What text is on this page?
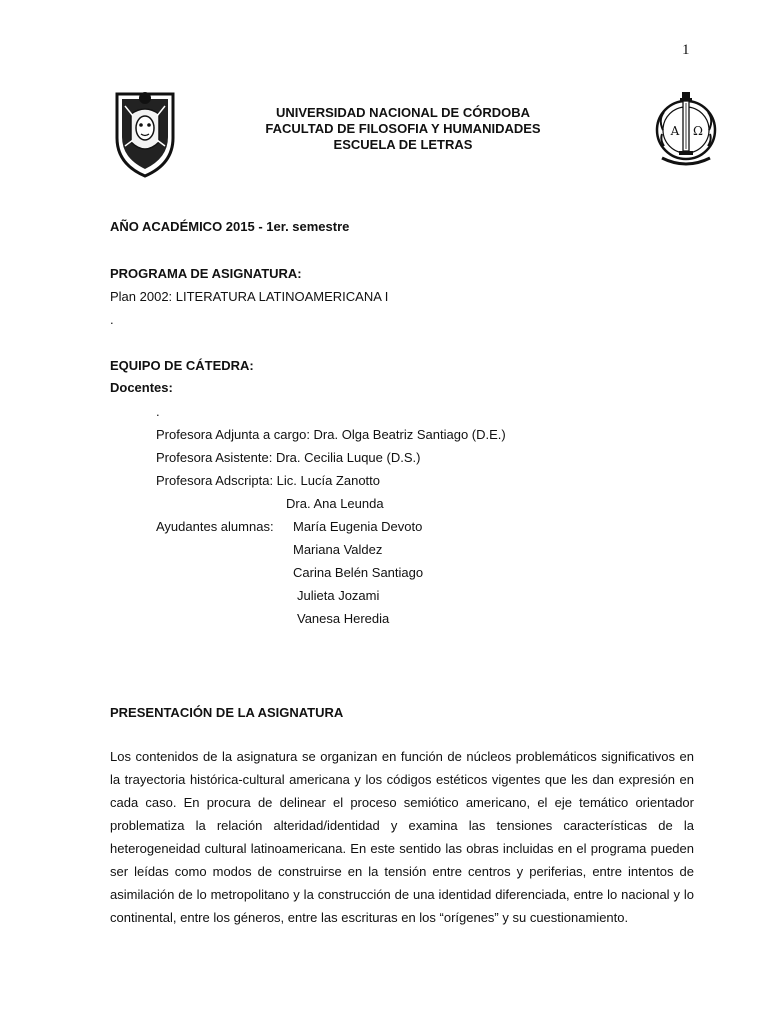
1
Α Ω
UNIVERSIDAD NACIONAL DE CÓRDOBA
FACULTAD DE FILOSOFIA Y HUMANIDADES
ESCUELA DE LETRAS
AÑO ACADÉMICO 2015 - 1er. semestre
PROGRAMA DE ASIGNATURA:
Plan 2002: LITERATURA LATINOAMERICANA I
.
EQUIPO DE CÁTEDRA:
Docentes:
.
Profesora Adjunta a cargo: Dra. Olga Beatriz Santiago (D.E.)
Profesora Asistente: Dra. Cecilia Luque (D.S.)
Profesora Adscripta: Lic. Lucía Zanotto
Dra. Ana Leunda
Ayudantes alumnas: María Eugenia Devoto
Mariana Valdez
Carina Belén Santiago
Julieta Jozami
Vanesa Heredia
PRESENTACIÓN DE LA ASIGNATURA
Los contenidos de la asignatura se organizan en función de núcleos problemáticos significativos en la trayectoria histórica-cultural americana y los códigos estéticos vigentes que les dan expresión en cada caso. En procura de delinear el proceso semiótico americano, el eje temático orientador problematiza la relación alteridad/identidad y examina las tensiones características de la heterogeneidad cultural latinoamericana. En este sentido las obras incluidas en el programa pueden ser leídas como modos de construirse en la tensión entre centros y periferias, entre intentos de asimilación de lo metropolitano y la construcción de una identidad diferenciada, entre lo nacional y lo continental, entre los géneros, entre las escrituras en los “orígenes” y su cuestionamiento.
